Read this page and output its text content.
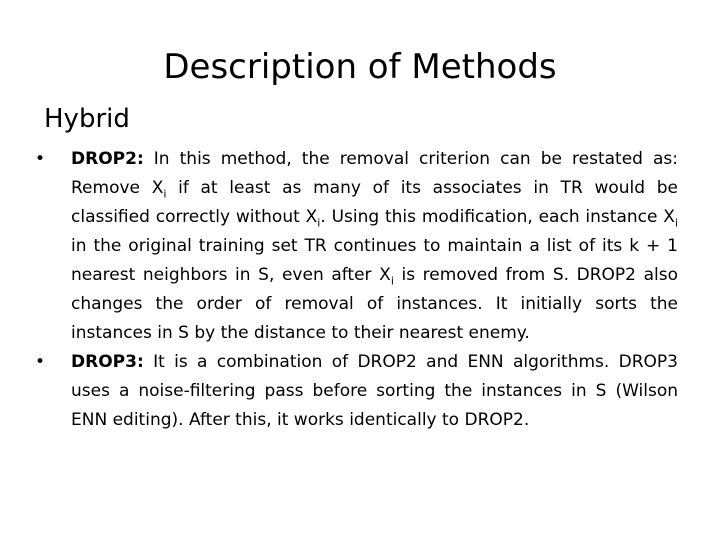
Description of Methods
Hybrid
• DROP2: In this method, the removal criterion can be restated as: Remove $X_i$ if at least as many of its associates in TR would be classified correctly without $X_i$. Using this modification, each instance $X_i$ in the original training set TR continues to maintain a list of its k + 1 nearest neighbors in S, even after $X_i$ is removed from S. DROP2 also changes the order of removal of instances. It initially sorts the instances in S by the distance to their nearest enemy.
• DROP3: It is a combination of DROP2 and ENN algorithms. DROP3 uses a noise-filtering pass before sorting the instances in S (Wilson ENN editing). After this, it works identically to DROP2.
